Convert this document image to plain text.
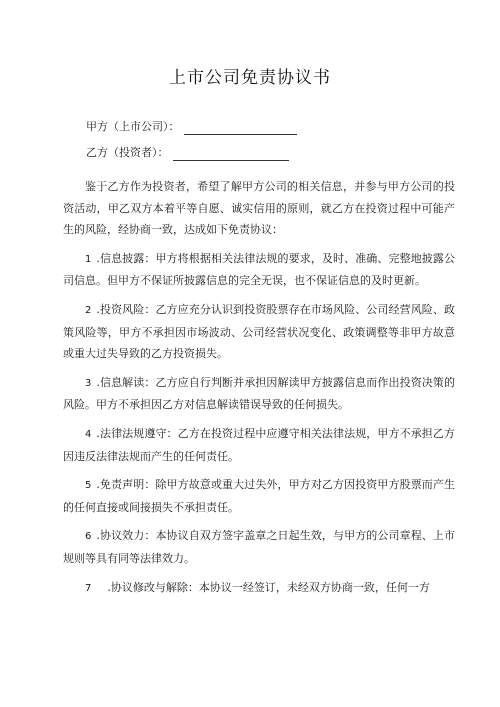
上市公司免责协议书
甲方（上市公司）：
乙方（投资者）：

鉴于乙方作为投资者，希望了解甲方公司的相关信息，并参与甲方公司的投资活动，甲乙双方本着平等自愿、诚实信用的原则，就乙方在投资过程中可能产生的风险，经协商一致，达成如下免责协议：

1 .信息披露：甲方将根据相关法律法规的要求，及时、准确、完整地披露公司信息。但甲方不保证所披露信息的完全无误，也不保证信息的及时更新。

2 .投资风险：乙方应充分认识到投资股票存在市场风险、公司经营风险、政策风险等，甲方不承担因市场波动、公司经营状况变化、政策调整等非甲方故意或重大过失导致的乙方投资损失。

3 .信息解读：乙方应自行判断并承担因解读甲方披露信息而作出投资决策的风险。甲方不承担因乙方对信息解读错误导致的任何损失。

4 .法律法规遵守：乙方在投资过程中应遵守相关法律法规，甲方不承担乙方因违反法律法规而产生的任何责任。

5 .免责声明：除甲方故意或重大过失外，甲方对乙方因投资甲方股票而产生的任何直接或间接损失不承担责任。

6 .协议效力：本协议自双方签字盖章之日起生效，与甲方的公司章程、上市规则等具有同等法律效力。

7 .协议修改与解除：本协议一经签订，未经双方协商一致，任何一方
